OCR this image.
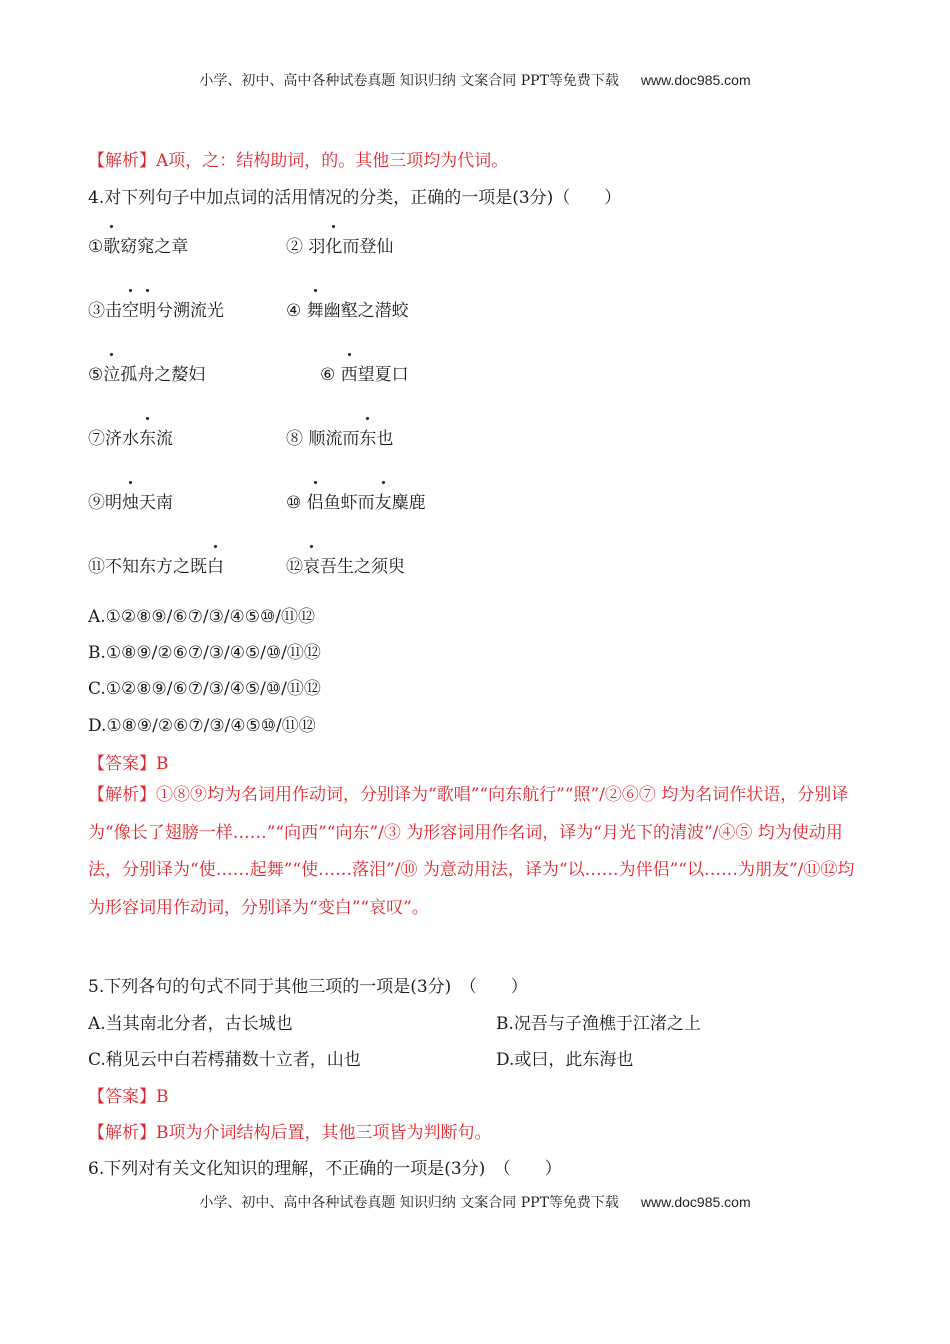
小学、初中、高中各种试卷真题 知识归纳 文案合同 PPT等免费下载 www.doc985.com
【解析】A项，之：结构助词，的。其他三项均为代词。
4.对下列句子中加点词的活用情况的分类，正确的一项是(3分)（　　）
①歌窈窕之章	② 羽化而登仙
③击空明兮溯流光	④ 舞幽壑之潜蛟
⑤泣孤舟之嫠妇	⑥ 西望夏口
⑦济水东流	⑧ 顺流而东也
⑨明烛天南	⑩ 侣鱼虾而友麋鹿
⑪不知东方之既白	⑫哀吾生之须臾
A.①②⑧⑨/⑥⑦/③/④⑤⑩/⑪⑫
B.①⑧⑨/②⑥⑦/③/④⑤/⑩/⑪⑫
C.①②⑧⑨/⑥⑦/③/④⑤/⑩/⑪⑫
D.①⑧⑨/②⑥⑦/③/④⑤⑩/⑪⑫
【答案】B
【解析】①⑧⑨均为名词用作动词，分别译为“歌唱”“向东航行”“照”/②⑥⑦ 均为名词作状语，分别译为“像长了翅膀一样……”“向西”“向东”/③ 为形容词用作名词，译为“月光下的清波”/④⑤ 均为使动用法，分别译为“使……起舞”“使……落泪”/⑩ 为意动用法，译为“以……为伴侣”“以……为朋友”/⑪⑫均为形容词用作动词，分别译为“变白”“哀叹”。
5.下列各句的句式不同于其他三项的一项是(3分)　（　　）
A.当其南北分者，古长城也	B.况吾与子渔樵于江渚之上
C.稍见云中白若樗蒱数十立者，山也	D.或曰，此东海也
【答案】B
【解析】B项为介词结构后置，其他三项皆为判断句。
6.下列对有关文化知识的理解，不正确的一项是(3分)　（　　）
小学、初中、高中各种试卷真题 知识归纳 文案合同 PPT等免费下载 www.doc985.com
